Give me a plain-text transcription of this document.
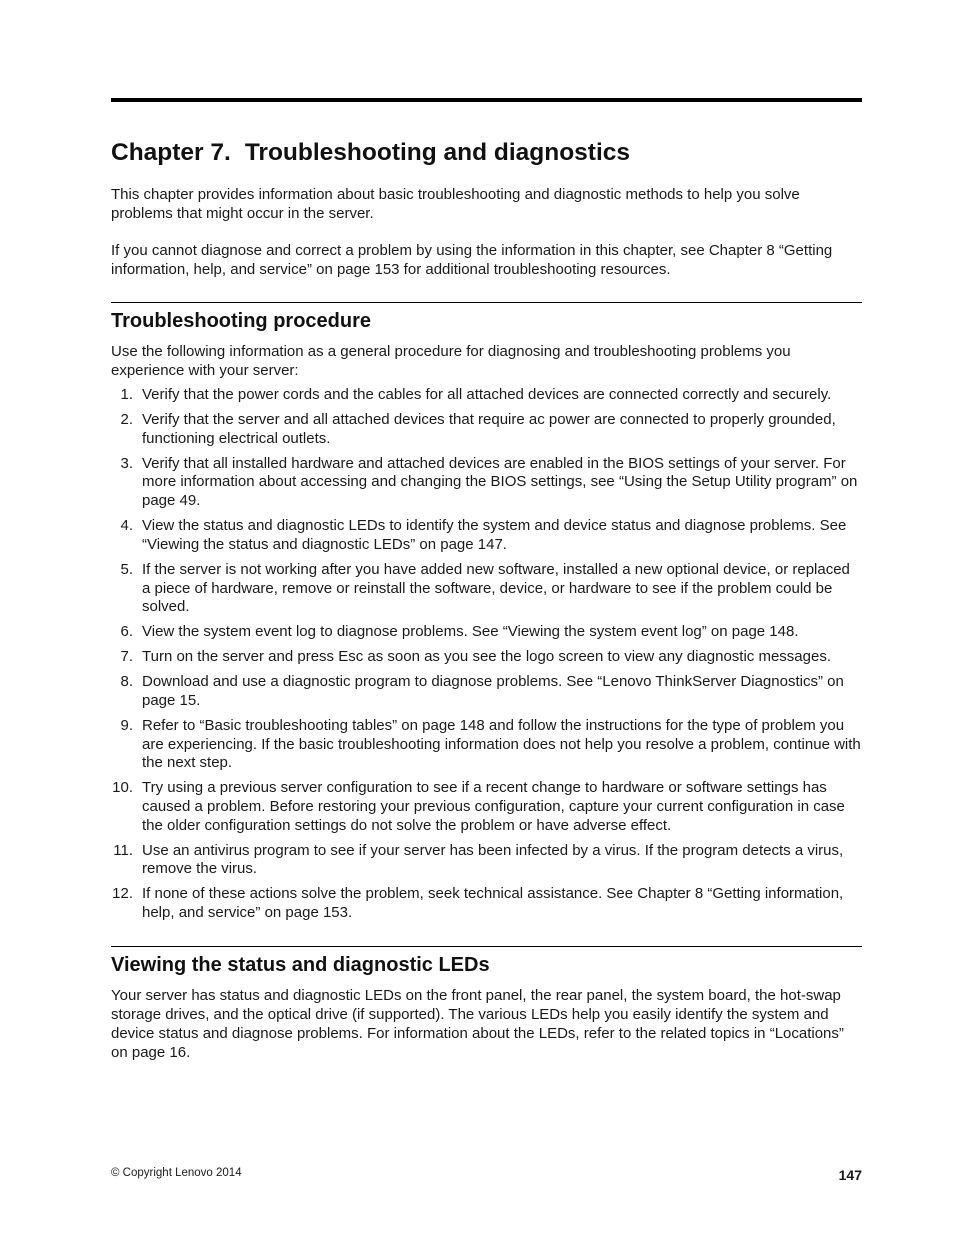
Chapter 7. Troubleshooting and diagnostics

This chapter provides information about basic troubleshooting and diagnostic methods to help you solve problems that might occur in the server.

If you cannot diagnose and correct a problem by using the information in this chapter, see Chapter 8 “Getting information, help, and service” on page 153 for additional troubleshooting resources.

Troubleshooting procedure

Use the following information as a general procedure for diagnosing and troubleshooting problems you experience with your server:

1. Verify that the power cords and the cables for all attached devices are connected correctly and securely.
2. Verify that the server and all attached devices that require ac power are connected to properly grounded, functioning electrical outlets.
3. Verify that all installed hardware and attached devices are enabled in the BIOS settings of your server. For more information about accessing and changing the BIOS settings, see “Using the Setup Utility program” on page 49.
4. View the status and diagnostic LEDs to identify the system and device status and diagnose problems. See “Viewing the status and diagnostic LEDs” on page 147.
5. If the server is not working after you have added new software, installed a new optional device, or replaced a piece of hardware, remove or reinstall the software, device, or hardware to see if the problem could be solved.
6. View the system event log to diagnose problems. See “Viewing the system event log” on page 148.
7. Turn on the server and press Esc as soon as you see the logo screen to view any diagnostic messages.
8. Download and use a diagnostic program to diagnose problems. See “Lenovo ThinkServer Diagnostics” on page 15.
9. Refer to “Basic troubleshooting tables” on page 148 and follow the instructions for the type of problem you are experiencing. If the basic troubleshooting information does not help you resolve a problem, continue with the next step.
10. Try using a previous server configuration to see if a recent change to hardware or software settings has caused a problem. Before restoring your previous configuration, capture your current configuration in case the older configuration settings do not solve the problem or have adverse effect.
11. Use an antivirus program to see if your server has been infected by a virus. If the program detects a virus, remove the virus.
12. If none of these actions solve the problem, seek technical assistance. See Chapter 8 “Getting information, help, and service” on page 153.
Viewing the status and diagnostic LEDs

Your server has status and diagnostic LEDs on the front panel, the rear panel, the system board, the hot-swap storage drives, and the optical drive (if supported). The various LEDs help you easily identify the system and device status and diagnose problems. For information about the LEDs, refer to the related topics in “Locations” on page 16.

© Copyright Lenovo 2014	147
